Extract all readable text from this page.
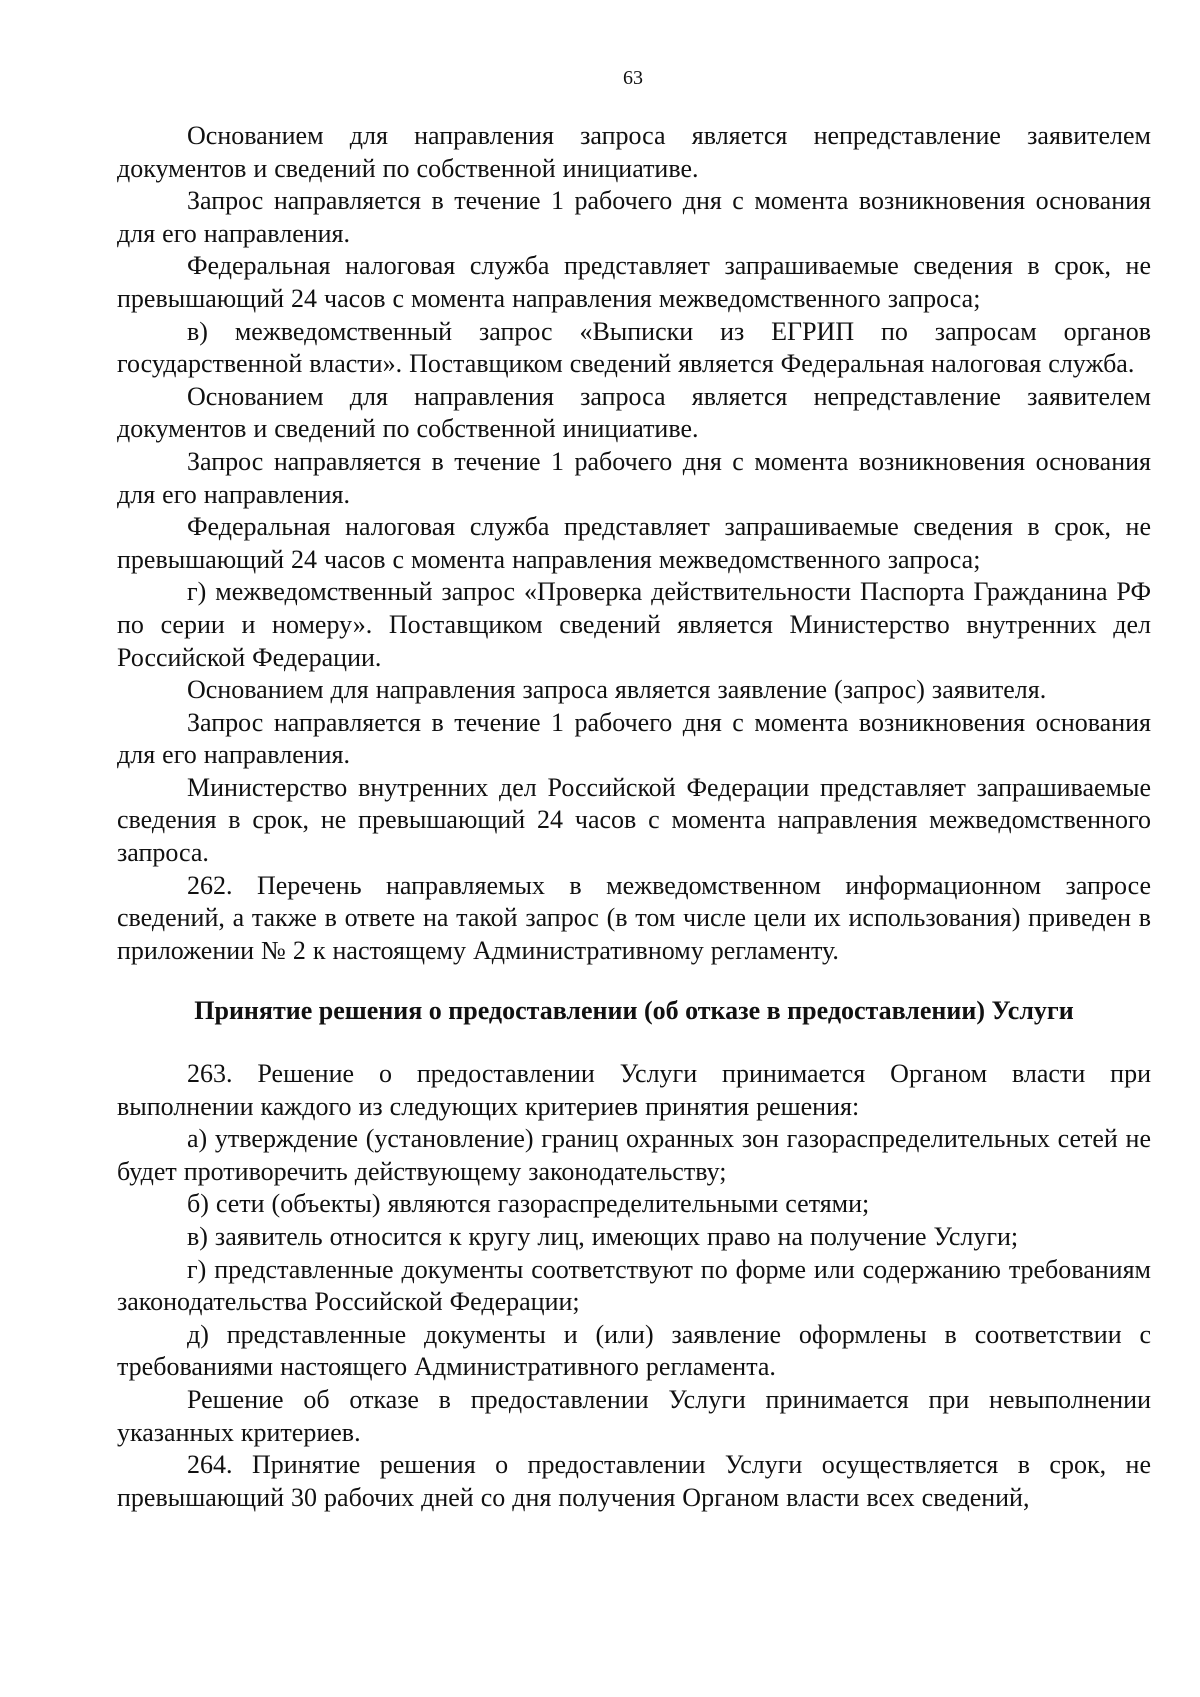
63

Основанием для направления запроса является непредставление заявителем документов и сведений по собственной инициативе.

Запрос направляется в течение 1 рабочего дня с момента возникновения основания для его направления.

Федеральная налоговая служба представляет запрашиваемые сведения в срок, не превышающий 24 часов с момента направления межведомственного запроса;

в) межведомственный запрос «Выписки из ЕГРИП по запросам органов государственной власти». Поставщиком сведений является Федеральная налоговая служба.

Основанием для направления запроса является непредставление заявителем документов и сведений по собственной инициативе.

Запрос направляется в течение 1 рабочего дня с момента возникновения основания для его направления.

Федеральная налоговая служба представляет запрашиваемые сведения в срок, не превышающий 24 часов с момента направления межведомственного запроса;

г) межведомственный запрос «Проверка действительности Паспорта Гражданина РФ по серии и номеру». Поставщиком сведений является Министерство внутренних дел Российской Федерации.

Основанием для направления запроса является заявление (запрос) заявителя.

Запрос направляется в течение 1 рабочего дня с момента возникновения основания для его направления.

Министерство внутренних дел Российской Федерации представляет запрашиваемые сведения в срок, не превышающий 24 часов с момента направления межведомственного запроса.

262. Перечень направляемых в межведомственном информационном запросе сведений, а также в ответе на такой запрос (в том числе цели их использования) приведен в приложении № 2 к настоящему Административному регламенту.

Принятие решения о предоставлении (об отказе в предоставлении) Услуги

263. Решение о предоставлении Услуги принимается Органом власти при выполнении каждого из следующих критериев принятия решения:

а) утверждение (установление) границ охранных зон газораспределительных сетей не будет противоречить действующему законодательству;

б) сети (объекты) являются газораспределительными сетями;

в) заявитель относится к кругу лиц, имеющих право на получение Услуги;

г) представленные документы соответствуют по форме или содержанию требованиям законодательства Российской Федерации;

д) представленные документы и (или) заявление оформлены в соответствии с требованиями настоящего Административного регламента.

Решение об отказе в предоставлении Услуги принимается при невыполнении указанных критериев.

264. Принятие решения о предоставлении Услуги осуществляется в срок, не превышающий 30 рабочих дней со дня получения Органом власти всех сведений,
